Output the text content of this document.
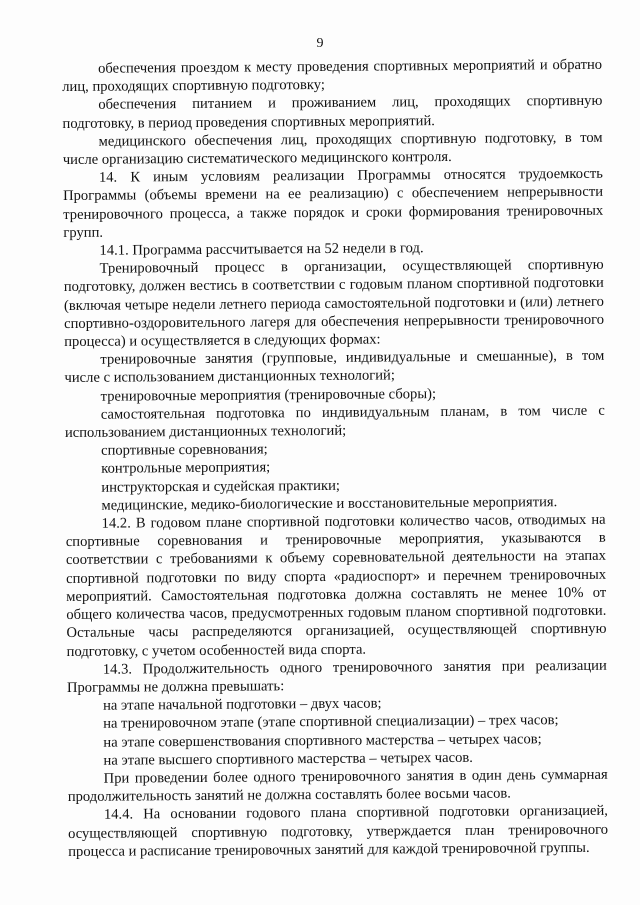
9

обеспечения проездом к месту проведения спортивных мероприятий и обратно лиц, проходящих спортивную подготовку;

обеспечения питанием и проживанием лиц, проходящих спортивную подготовку, в период проведения спортивных мероприятий.

медицинского обеспечения лиц, проходящих спортивную подготовку, в том числе организацию систематического медицинского контроля.

14. К иным условиям реализации Программы относятся трудоемкость Программы (объемы времени на ее реализацию) с обеспечением непрерывности тренировочного процесса, а также порядок и сроки формирования тренировочных групп.

14.1. Программа рассчитывается на 52 недели в год.

Тренировочный процесс в организации, осуществляющей спортивную подготовку, должен вестись в соответствии с годовым планом спортивной подготовки (включая четыре недели летнего периода самостоятельной подготовки и (или) летнего спортивно-оздоровительного лагеря для обеспечения непрерывности тренировочного процесса) и осуществляется в следующих формах:

тренировочные занятия (групповые, индивидуальные и смешанные), в том числе с использованием дистанционных технологий;

тренировочные мероприятия (тренировочные сборы);

самостоятельная подготовка по индивидуальным планам, в том числе с использованием дистанционных технологий;

спортивные соревнования;

контрольные мероприятия;

инструкторская и судейская практики;

медицинские, медико-биологические и восстановительные мероприятия.

14.2. В годовом плане спортивной подготовки количество часов, отводимых на спортивные соревнования и тренировочные мероприятия, указываются в соответствии с требованиями к объему соревновательной деятельности на этапах спортивной подготовки по виду спорта «радиоспорт» и перечнем тренировочных мероприятий. Самостоятельная подготовка должна составлять не менее 10% от общего количества часов, предусмотренных годовым планом спортивной подготовки. Остальные часы распределяются организацией, осуществляющей спортивную подготовку, с учетом особенностей вида спорта.

14.3. Продолжительность одного тренировочного занятия при реализации Программы не должна превышать:

на этапе начальной подготовки – двух часов;

на тренировочном этапе (этапе спортивной специализации) – трех часов;

на этапе совершенствования спортивного мастерства – четырех часов;

на этапе высшего спортивного мастерства – четырех часов.

При проведении более одного тренировочного занятия в один день суммарная продолжительность занятий не должна составлять более восьми часов.

14.4. На основании годового плана спортивной подготовки организацией, осуществляющей спортивную подготовку, утверждается план тренировочного процесса и расписание тренировочных занятий для каждой тренировочной группы.
